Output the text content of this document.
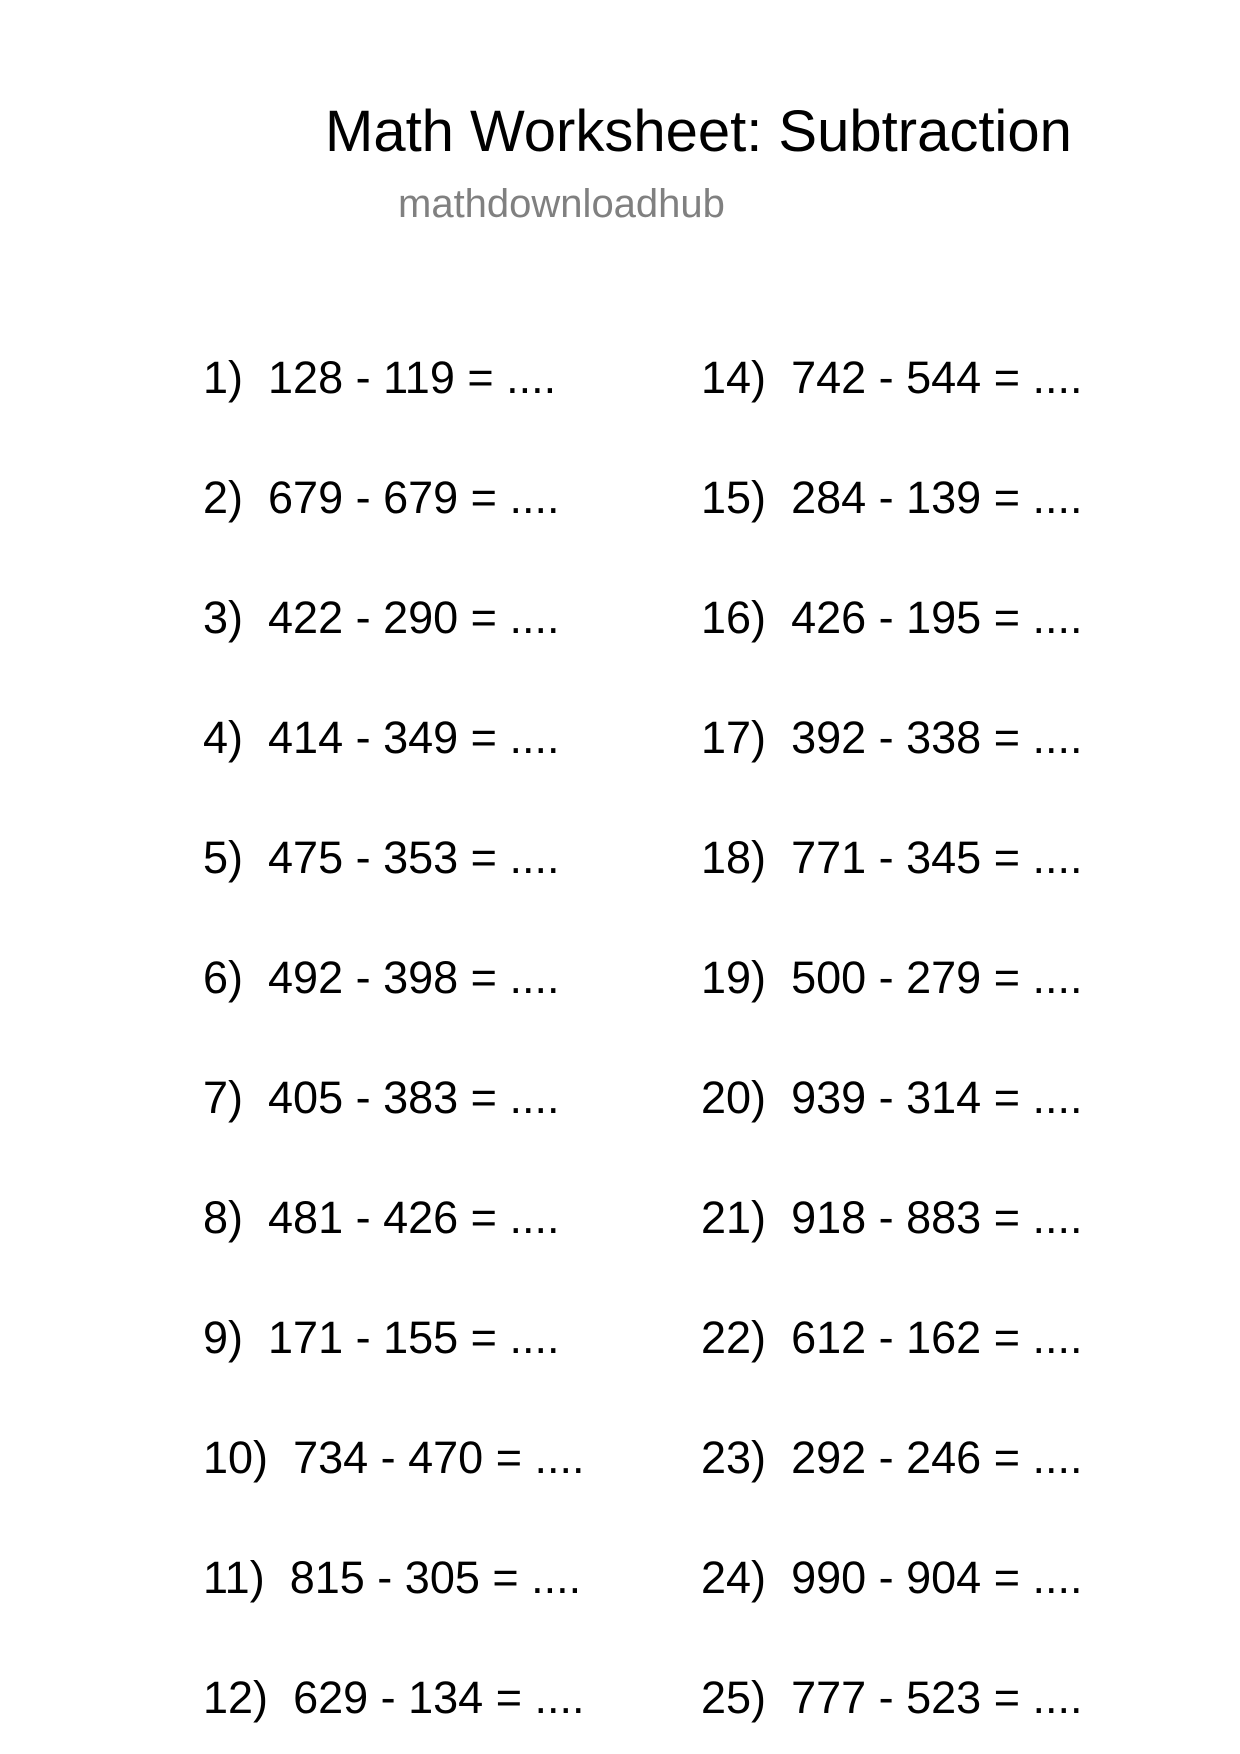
Math Worksheet: Subtraction
mathdownloadhub
1) 128 - 119 = ....
2) 679 - 679 = ....
3) 422 - 290 = ....
4) 414 - 349 = ....
5) 475 - 353 = ....
6) 492 - 398 = ....
7) 405 - 383 = ....
8) 481 - 426 = ....
9) 171 - 155 = ....
10) 734 - 470 = ....
11) 815 - 305 = ....
12) 629 - 134 = ....
14) 742 - 544 = ....
15) 284 - 139 = ....
16) 426 - 195 = ....
17) 392 - 338 = ....
18) 771 - 345 = ....
19) 500 - 279 = ....
20) 939 - 314 = ....
21) 918 - 883 = ....
22) 612 - 162 = ....
23) 292 - 246 = ....
24) 990 - 904 = ....
25) 777 - 523 = ....
